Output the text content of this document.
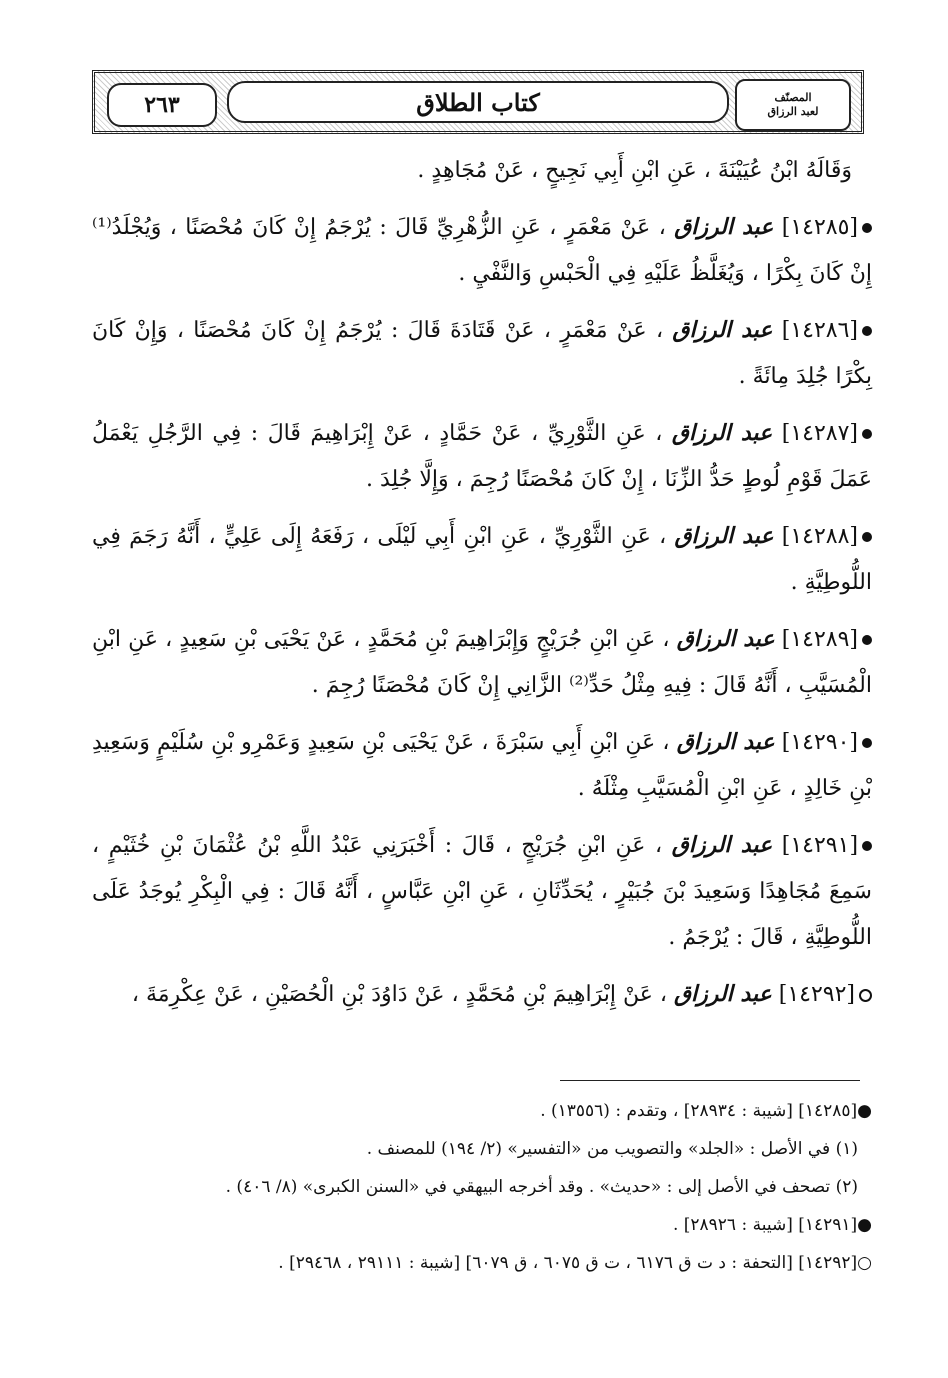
٢٦٣	كتاب الطلاق	المصنّف
لعبد الرزاق

وَقَالَهُ ابْنُ عُيَيْنَةَ ، عَنِ ابْنِ أَبِي نَجِيحٍ ، عَنْ مُجَاهِدٍ .

[١٤٢٨٥] عبد الرزاق ، عَنْ مَعْمَرٍ ، عَنِ الزُّهْرِيِّ قَالَ : يُرْجَمُ إِنْ كَانَ مُحْصَنًا ، وَيُجْلَدُ⁽¹⁾ إِنْ كَانَ بِكْرًا ، وَيُغَلَّظُ عَلَيْهِ فِي الْحَبْسِ وَالنَّفْيِ .

[١٤٢٨٦] عبد الرزاق ، عَنْ مَعْمَرٍ ، عَنْ قَتَادَةَ قَالَ : يُرْجَمُ إِنْ كَانَ مُحْصَنًا ، وَإِنْ كَانَ بِكْرًا جُلِدَ مِائَةً .

[١٤٢٨٧] عبد الرزاق ، عَنِ الثَّوْرِيِّ ، عَنْ حَمَّادٍ ، عَنْ إِبْرَاهِيمَ قَالَ : فِي الرَّجُلِ يَعْمَلُ عَمَلَ قَوْمِ لُوطٍ حَدُّ الزِّنَا ، إِنْ كَانَ مُحْصَنًا رُجِمَ ، وَإِلَّا جُلِدَ .

[١٤٢٨٨] عبد الرزاق ، عَنِ الثَّوْرِيِّ ، عَنِ ابْنِ أَبِي لَيْلَى ، رَفَعَهُ إِلَى عَلِيٍّ ، أَنَّهُ رَجَمَ فِي اللُّوطِيَّةِ .

[١٤٢٨٩] عبد الرزاق ، عَنِ ابْنِ جُرَيْجٍ وَإِبْرَاهِيمَ بْنِ مُحَمَّدٍ ، عَنْ يَحْيَى بْنِ سَعِيدٍ ، عَنِ ابْنِ الْمُسَيَّبِ ، أَنَّهُ قَالَ : فِيهِ مِثْلُ حَدِّ⁽²⁾ الزَّانِي إِنْ كَانَ مُحْصَنًا رُجِمَ .

[١٤٢٩٠] عبد الرزاق ، عَنِ ابْنِ أَبِي سَبْرَةَ ، عَنْ يَحْيَى بْنِ سَعِيدٍ وَعَمْرِو بْنِ سُلَيْمٍ وَسَعِيدِ بْنِ خَالِدٍ ، عَنِ ابْنِ الْمُسَيَّبِ مِثْلَهُ .

[١٤٢٩١] عبد الرزاق ، عَنِ ابْنِ جُرَيْجٍ ، قَالَ : أَخْبَرَنِي عَبْدُ اللَّهِ بْنُ عُثْمَانَ بْنِ خُثَيْمٍ ، سَمِعَ مُجَاهِدًا وَسَعِيدَ بْنَ جُبَيْرٍ ، يُحَدِّثَانِ ، عَنِ ابْنِ عَبَّاسٍ ، أَنَّهُ قَالَ : فِي الْبِكْرِ يُوجَدُ عَلَى اللُّوطِيَّةِ ، قَالَ : يُرْجَمُ .

[١٤٢٩٢] عبد الرزاق ، عَنْ إِبْرَاهِيمَ بْنِ مُحَمَّدٍ ، عَنْ دَاوُدَ بْنِ الْحُصَيْنِ ، عَنْ عِكْرِمَةَ ،

●[١٤٢٨٥] [شيبة : ٢٨٩٣٤] ، وتقدم : (١٣٥٥٦) .

(١) في الأصل : «الجلد» والتصويب من «التفسير» (٢/ ١٩٤) للمصنف .

(٢) تصحف في الأصل إلى : «حديث» . وقد أخرجه البيهقي في «السنن الكبرى» (٨/ ٤٠٦) .

●[١٤٢٩١] [شيبة : ٢٨٩٢٦] .

○[١٤٢٩٢] [التحفة : د ت ق ٦١٧٦ ، ت ق ٦٠٧٥ ، ق ٦٠٧٩] [شيبة : ٢٩١١١ ، ٢٩٤٦٨] .
